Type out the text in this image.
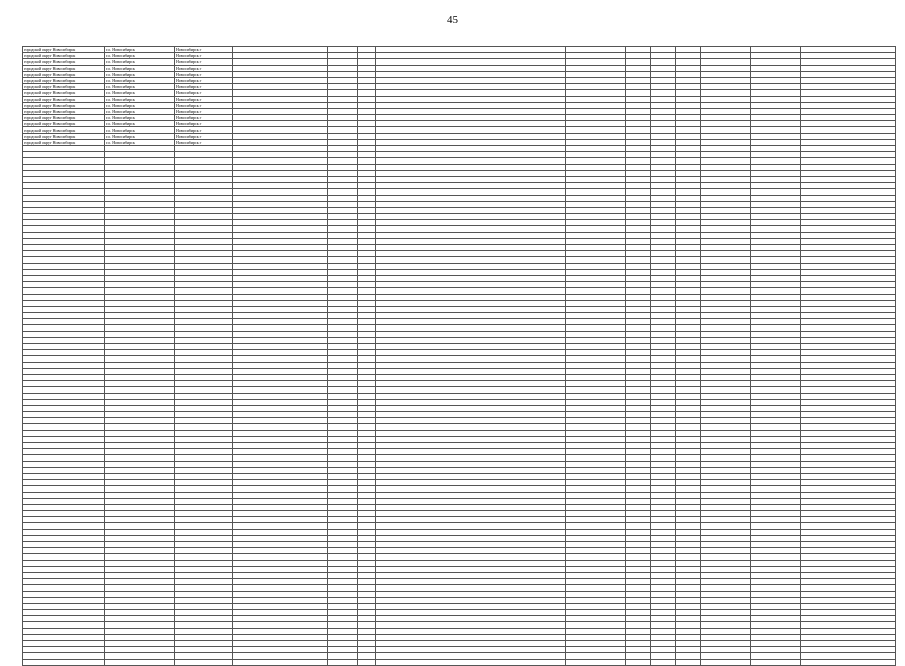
45
городской округ Новосибирск	г.о. Новосибирск	Новосибирск г											
городской округ Новосибирск	г.о. Новосибирск	Новосибирск г											
городской округ Новосибирск	г.о. Новосибирск	Новосибирск г											
городской округ Новосибирск	г.о. Новосибирск	Новосибирск г											
городской округ Новосибирск	г.о. Новосибирск	Новосибирск г											
городской округ Новосибирск	г.о. Новосибирск	Новосибирск г											
городской округ Новосибирск	г.о. Новосибирск	Новосибирск г											
городской округ Новосибирск	г.о. Новосибирск	Новосибирск г											
городской округ Новосибирск	г.о. Новосибирск	Новосибирск г											
городской округ Новосибирск	г.о. Новосибирск	Новосибирск г											
городской округ Новосибирск	г.о. Новосибирск	Новосибирск г											
городской округ Новосибирск	г.о. Новосибирск	Новосибирск г											
городской округ Новосибирск	г.о. Новосибирск	Новосибирск г											
городской округ Новосибирск	г.о. Новосибирск	Новосибирск г											
городской округ Новосибирск	г.о. Новосибирск	Новосибирск г											
городской округ Новосибирск	г.о. Новосибирск	Новосибирск г											
